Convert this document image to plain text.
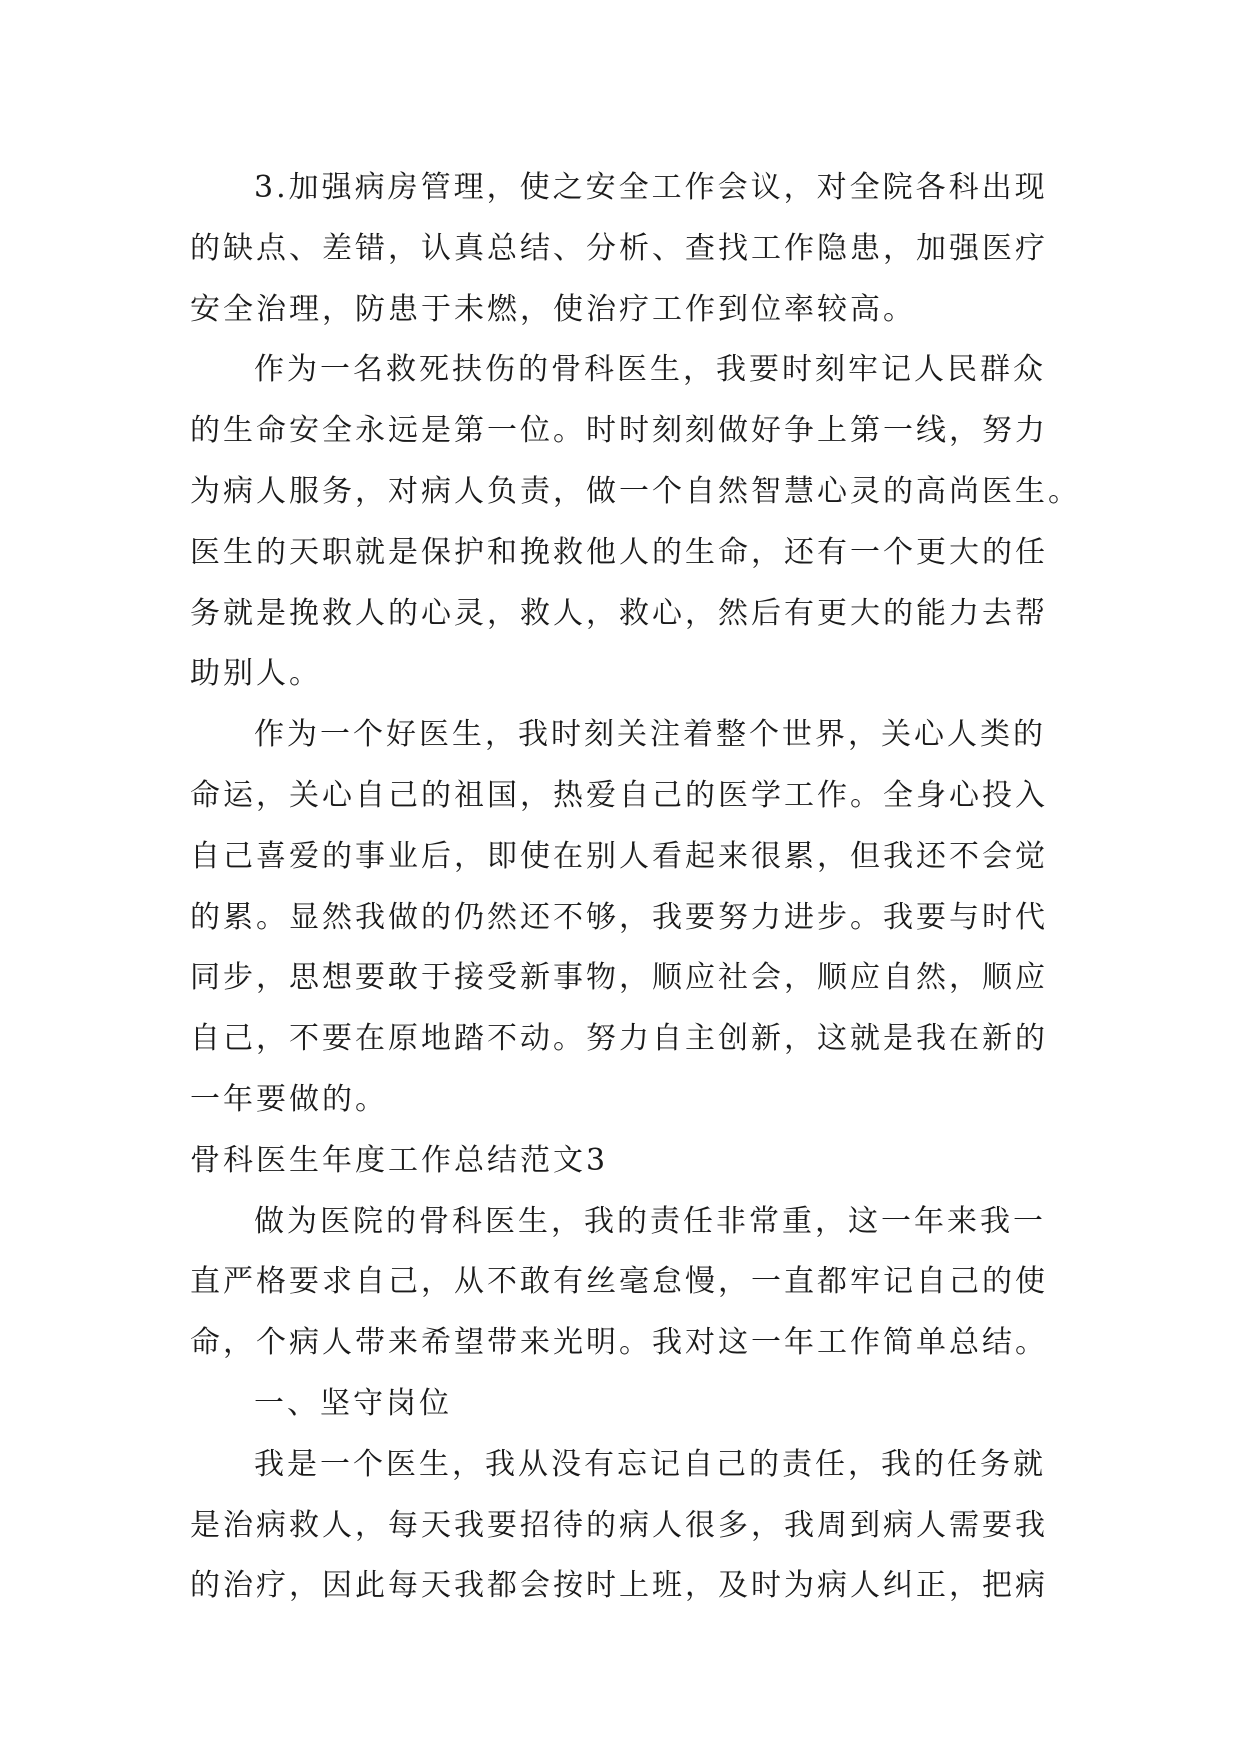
3.加强病房管理，使之安全工作会议，对全院各科出现
的缺点、差错，认真总结、分析、查找工作隐患，加强医疗
安全治理，防患于未燃，使治疗工作到位率较高。
作为一名救死扶伤的骨科医生，我要时刻牢记人民群众
的生命安全永远是第一位。时时刻刻做好争上第一线，努力
为病人服务，对病人负责，做一个自然智慧心灵的高尚医生。
医生的天职就是保护和挽救他人的生命，还有一个更大的任
务就是挽救人的心灵，救人，救心，然后有更大的能力去帮
助别人。
作为一个好医生，我时刻关注着整个世界，关心人类的
命运，关心自己的祖国，热爱自己的医学工作。全身心投入
自己喜爱的事业后，即使在别人看起来很累，但我还不会觉
的累。显然我做的仍然还不够，我要努力进步。我要与时代
同步，思想要敢于接受新事物，顺应社会，顺应自然，顺应
自己，不要在原地踏不动。努力自主创新，这就是我在新的
一年要做的。
骨科医生年度工作总结范文3
做为医院的骨科医生，我的责任非常重，这一年来我一
直严格要求自己，从不敢有丝毫怠慢，一直都牢记自己的使
命，个病人带来希望带来光明。我对这一年工作简单总结。
一、坚守岗位
我是一个医生，我从没有忘记自己的责任，我的任务就
是治病救人，每天我要招待的病人很多，我周到病人需要我
的治疗，因此每天我都会按时上班，及时为病人纠正，把病
